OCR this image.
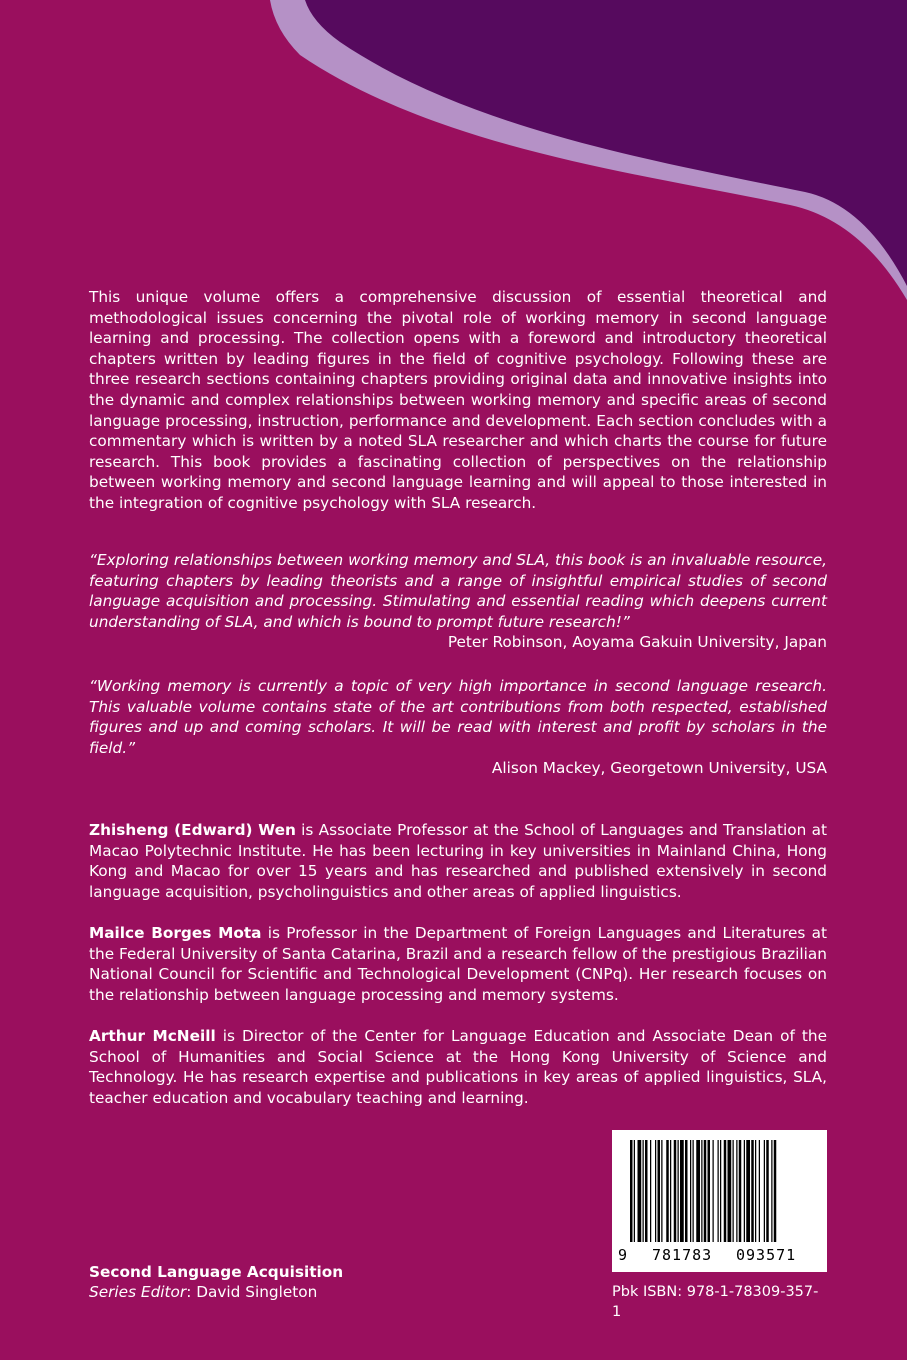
This unique volume offers a comprehensive discussion of essential theoretical and methodological issues concerning the pivotal role of working memory in second language learning and processing. The collection opens with a foreword and introductory theoretical chapters written by leading figures in the field of cognitive psychology. Following these are three research sections containing chapters providing original data and innovative insights into the dynamic and complex relationships between working memory and specific areas of second language processing, instruction, performance and development. Each section concludes with a commentary which is written by a noted SLA researcher and which charts the course for future research. This book provides a fascinating collection of perspectives on the relationship between working memory and second language learning and will appeal to those interested in the integration of cognitive psychology with SLA research.

“Exploring relationships between working memory and SLA, this book is an invaluable resource, featuring chapters by leading theorists and a range of insightful empirical studies of second language acquisition and processing. Stimulating and essential reading which deepens current understanding of SLA, and which is bound to prompt future research!”

Peter Robinson, Aoyama Gakuin University, Japan

“Working memory is currently a topic of very high importance in second language research. This valuable volume contains state of the art contributions from both respected, established figures and up and coming scholars. It will be read with interest and profit by scholars in the field.”

Alison Mackey, Georgetown University, USA

Zhisheng (Edward) Wen is Associate Professor at the School of Languages and Translation at Macao Polytechnic Institute. He has been lecturing in key universities in Mainland China, Hong Kong and Macao for over 15 years and has researched and published extensively in second language acquisition, psycholinguistics and other areas of applied linguistics.

Mailce Borges Mota is Professor in the Department of Foreign Languages and Literatures at the Federal University of Santa Catarina, Brazil and a research fellow of the prestigious Brazilian National Council for Scientific and Technological Development (CNPq). Her research focuses on the relationship between language processing and memory systems.

Arthur McNeill is Director of the Center for Language Education and Associate Dean of the School of Humanities and Social Science at the Hong Kong University of Science and Technology. He has research expertise and publications in key areas of applied linguistics, SLA, teacher education and vocabulary teaching and learning.

9 781783 093571

Pbk ISBN: 978-1-78309-357-1

Second Language Acquisition

Series Editor: David Singleton
